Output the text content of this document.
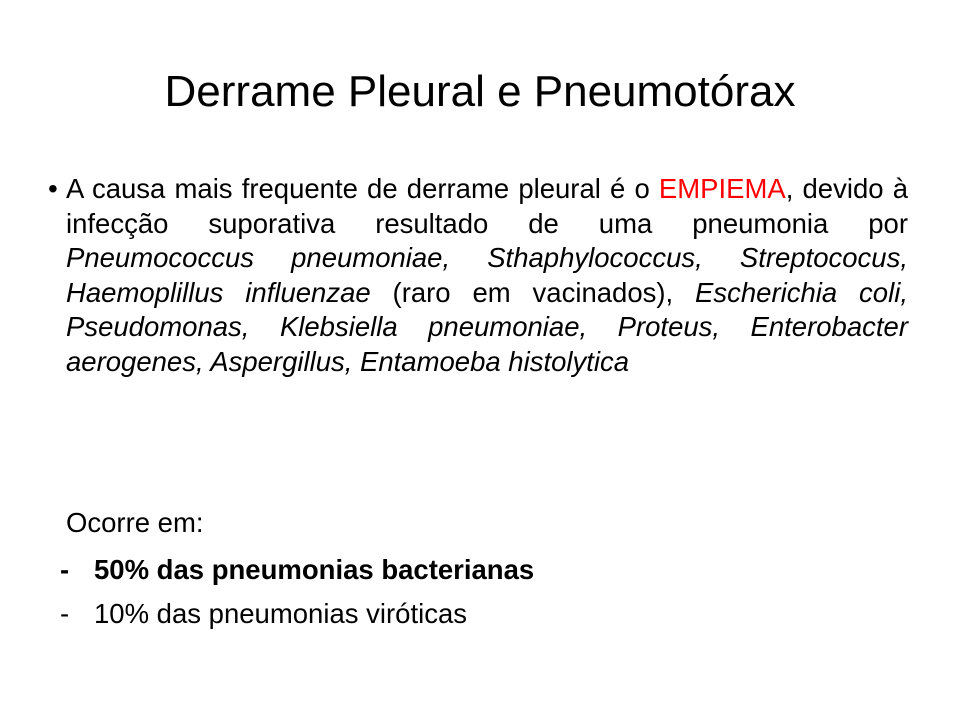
Derrame Pleural e Pneumotórax
• A causa mais frequente de derrame pleural é o EMPIEMA, devido à infecção suporativa resultado de uma pneumonia por Pneumococcus pneumoniae, Sthaphylococcus, Streptococus, Haemoplillus influenzae (raro em vacinados), Escherichia coli, Pseudomonas, Klebsiella pneumoniae, Proteus, Enterobacter aerogenes, Aspergillus, Entamoeba histolytica

Ocorre em:

- 50% das pneumonias bacterianas
- 10% das pneumonias viróticas
